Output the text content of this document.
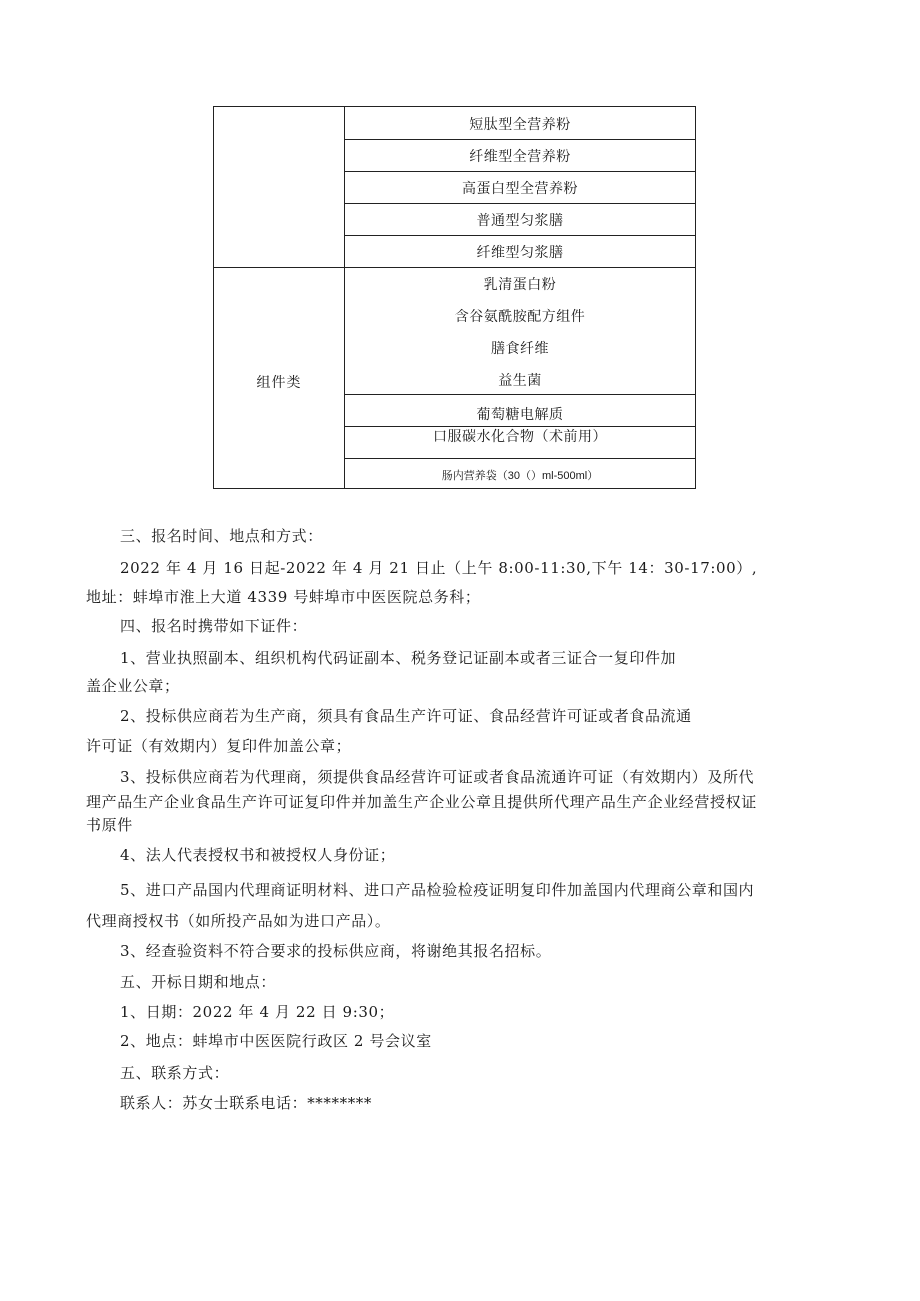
组件类
短肽型全营养粉
纤维型全营养粉
高蛋白型全营养粉
普通型匀浆膳
纤维型匀浆膳
乳清蛋白粉
含谷氨酰胺配方组件
膳食纤维
益生菌
葡萄糖电解质
口服碳水化合物（术前用）
肠内营养袋（30（）ml-500ml）
三、报名时间、地点和方式：
2022 年 4 月 16 日起-2022 年 4 月 21 日止（上午 8:00-11:30,下午 14：30-17:00）,
地址：蚌埠市淮上大道 4339 号蚌埠市中医医院总务科；
四、报名时携带如下证件：
1、营业执照副本、组织机构代码证副本、税务登记证副本或者三证合一复印件加
盖企业公章；
2、投标供应商若为生产商，须具有食品生产许可证、食品经营许可证或者食品流通
许可证（有效期内）复印件加盖公章；
3、投标供应商若为代理商，须提供食品经营许可证或者食品流通许可证（有效期内）及所代
理产品生产企业食品生产许可证复印件并加盖生产企业公章且提供所代理产品生产企业经营授权证
书原件
4、法人代表授权书和被授权人身份证；
5、进口产品国内代理商证明材料、进口产品检验检疫证明复印件加盖国内代理商公章和国内
代理商授权书（如所投产品如为进口产品）。
3、经查验资料不符合要求的投标供应商，将谢绝其报名招标。
五、开标日期和地点：
1、日期：2022 年 4 月 22 日 9:30；
2、地点：蚌埠市中医医院行政区 2 号会议室
五、联系方式：
联系人：苏女士联系电话：********
